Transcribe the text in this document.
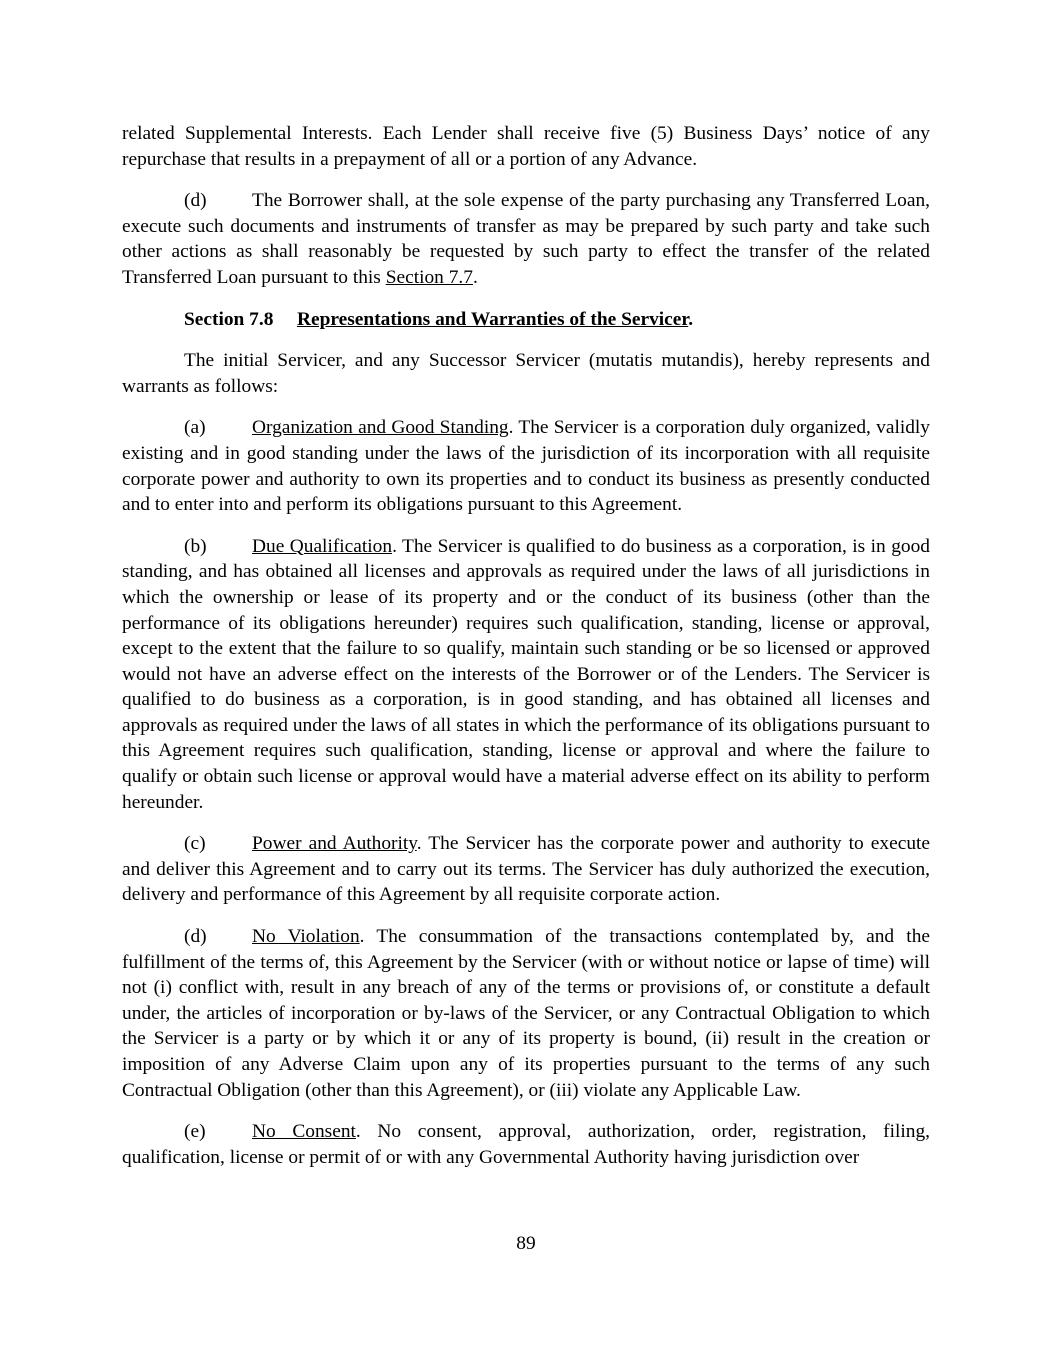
related Supplemental Interests. Each Lender shall receive five (5) Business Days’ notice of any repurchase that results in a prepayment of all or a portion of any Advance.

(d) The Borrower shall, at the sole expense of the party purchasing any Transferred Loan, execute such documents and instruments of transfer as may be prepared by such party and take such other actions as shall reasonably be requested by such party to effect the transfer of the related Transferred Loan pursuant to this Section 7.7.

Section 7.8 Representations and Warranties of the Servicer.

The initial Servicer, and any Successor Servicer (mutatis mutandis), hereby represents and warrants as follows:

(a) Organization and Good Standing. The Servicer is a corporation duly organized, validly existing and in good standing under the laws of the jurisdiction of its incorporation with all requisite corporate power and authority to own its properties and to conduct its business as presently conducted and to enter into and perform its obligations pursuant to this Agreement.

(b) Due Qualification. The Servicer is qualified to do business as a corporation, is in good standing, and has obtained all licenses and approvals as required under the laws of all jurisdictions in which the ownership or lease of its property and or the conduct of its business (other than the performance of its obligations hereunder) requires such qualification, standing, license or approval, except to the extent that the failure to so qualify, maintain such standing or be so licensed or approved would not have an adverse effect on the interests of the Borrower or of the Lenders. The Servicer is qualified to do business as a corporation, is in good standing, and has obtained all licenses and approvals as required under the laws of all states in which the performance of its obligations pursuant to this Agreement requires such qualification, standing, license or approval and where the failure to qualify or obtain such license or approval would have a material adverse effect on its ability to perform hereunder.

(c) Power and Authority. The Servicer has the corporate power and authority to execute and deliver this Agreement and to carry out its terms. The Servicer has duly authorized the execution, delivery and performance of this Agreement by all requisite corporate action.

(d) No Violation. The consummation of the transactions contemplated by, and the fulfillment of the terms of, this Agreement by the Servicer (with or without notice or lapse of time) will not (i) conflict with, result in any breach of any of the terms or provisions of, or constitute a default under, the articles of incorporation or by-laws of the Servicer, or any Contractual Obligation to which the Servicer is a party or by which it or any of its property is bound, (ii) result in the creation or imposition of any Adverse Claim upon any of its properties pursuant to the terms of any such Contractual Obligation (other than this Agreement), or (iii) violate any Applicable Law.

(e) No Consent. No consent, approval, authorization, order, registration, filing, qualification, license or permit of or with any Governmental Authority having jurisdiction over

89
